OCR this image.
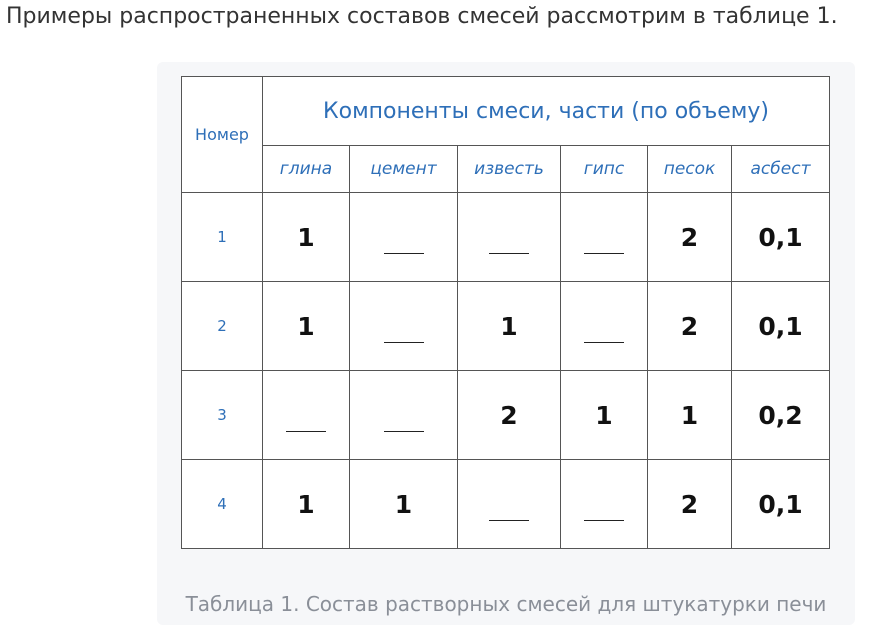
Примеры распространенных составов смесей рассмотрим в таблице 1.
Номер	Компоненты смеси, части (по объему)					
	глина	цемент	известь	гипс	песок	асбест
1	1				2	0,1
2	1		1		2	0,1
3			2	1	1	0,2
4	1	1			2	0,1
Таблица 1. Состав растворных смесей для штукатурки печи
